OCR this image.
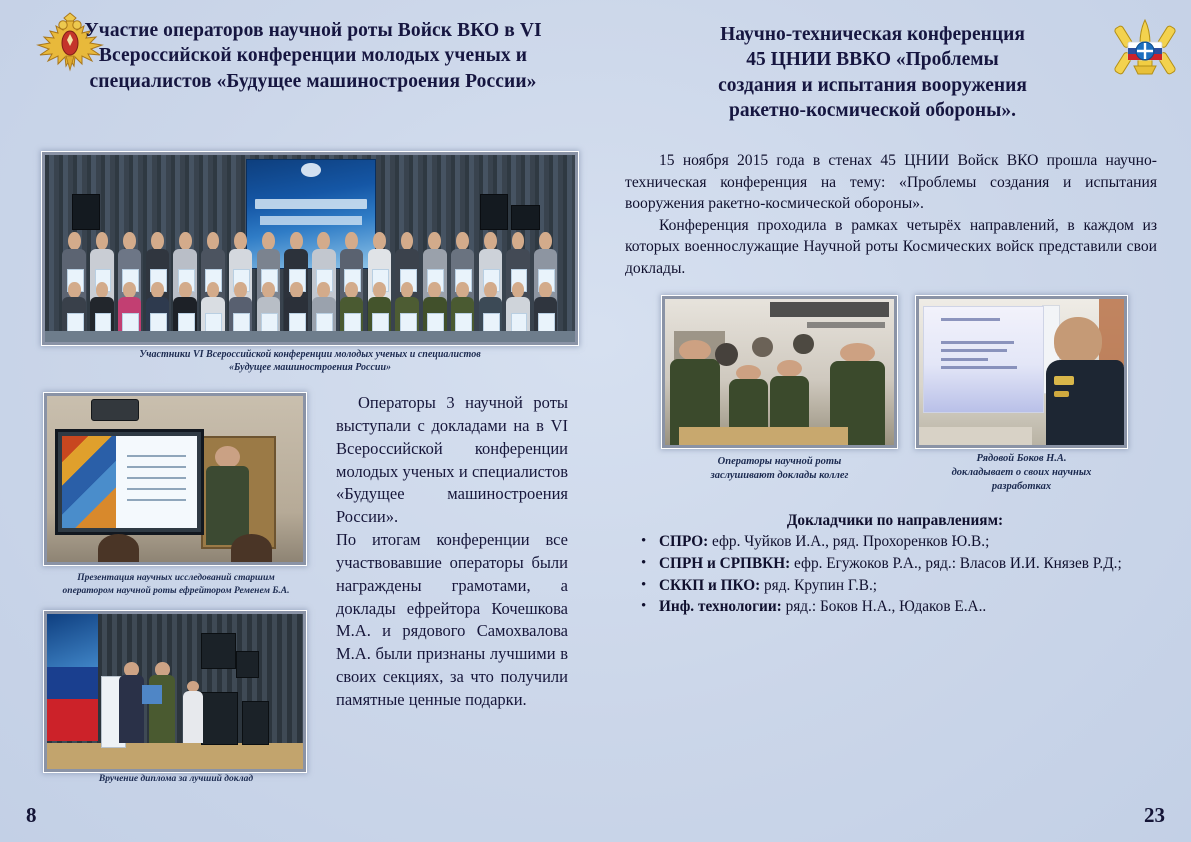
Участие операторов научной роты Войск ВКО в VI Всероссийской конференции молодых ученых и специалистов «Будущее машиностроения России»
Участники VI Всероссийской конференции молодых ученых и специалистов
«Будущее машиностроения России»
Презентация научных исследований старшим
оператором научной роты ефрейтором Ременем Б.А.
Вручение диплома за лучший доклад

Операторы 3 научной роты выступали с докладами на в VI Всероссийской конференции молодых ученых и специалистов «Будущее машиностроения России».

По итогам конференции все участвовавшие операторы были награждены грамотами, а доклады ефрейтора Кочешкова М.А. и рядового Самохвалова М.А. были признаны лучшими в своих секциях, за что получили памятные ценные подарки.

8
Научно-техническая конференция
45 ЦНИИ ВВКО «Проблемы
создания и испытания вооружения
ракетно-космической обороны».

15 ноября 2015 года в стенах 45 ЦНИИ Войск ВКО прошла научно-техническая конференция на тему: «Проблемы создания и испытания вооружения ракетно-космической обороны».

Конференция проходила в рамках четырёх направлений, в каждом из которых военнослужащие Научной роты Космических войск представили свои доклады.

Операторы научной роты
заслушивают доклады коллег
Рядовой Боков Н.А.
докладывает о своих научных
разработках
Докладчики по направлениям:
• СПРО: ефр. Чуйков И.А., ряд. Прохоренков Ю.В.;
• СПРН и СРПВКН: ефр. Егужоков Р.А., ряд.: Власов И.И. Князев Р.Д.;
• СККП и ПКО: ряд. Крупин Г.В.;
• Инф. технологии: ряд.: Боков Н.А., Юдаков Е.А..
23
